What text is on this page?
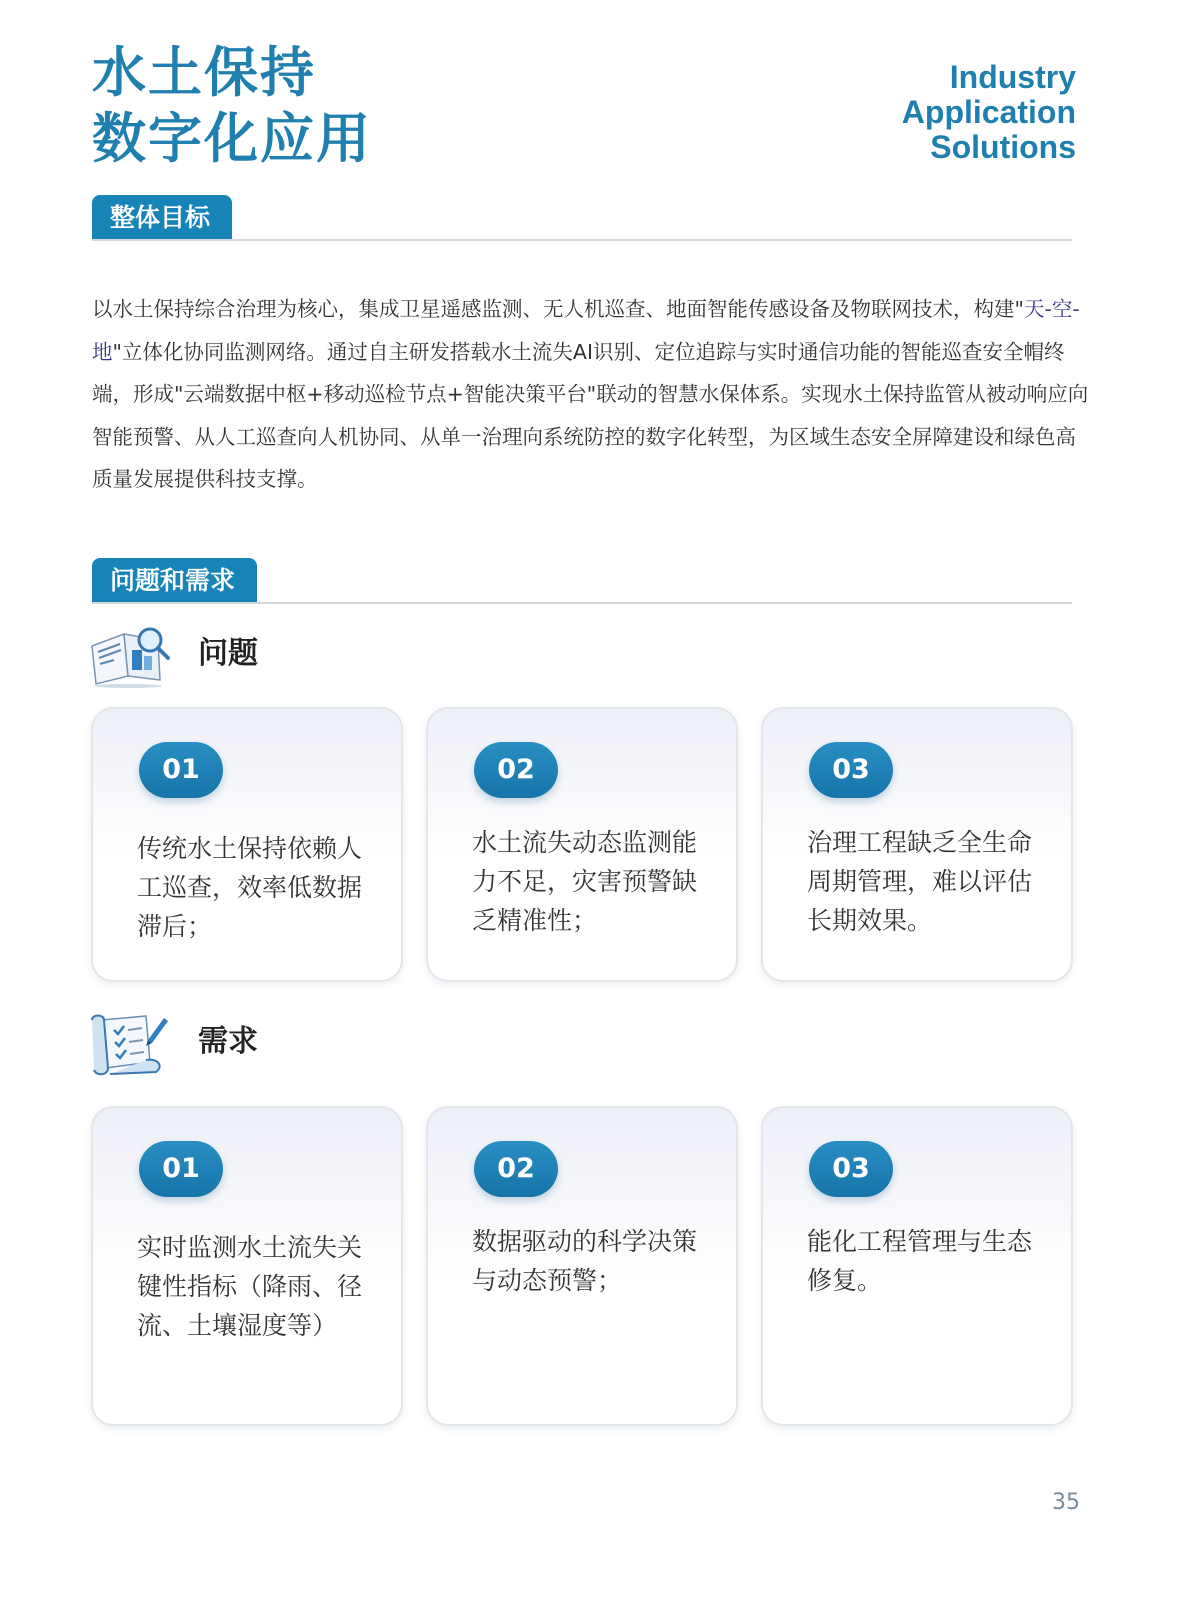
水土保持
数字化应用
Industry
Application
Solutions
整体目标

以水土保持综合治理为核心，集成卫星遥感监测、无人机巡查、地面智能传感设备及物联网技术，构建"天-空-地"立体化协同监测网络。通过自主研发搭载水土流失AI识别、定位追踪与实时通信功能的智能巡查安全帽终端，形成"云端数据中枢+移动巡检节点+智能决策平台"联动的智慧水保体系。实现水土保持监管从被动响应向智能预警、从人工巡查向人机协同、从单一治理向系统防控的数字化转型，为区域生态安全屏障建设和绿色高质量发展提供科技支撑。

问题和需求
问题
01
传统水土保持依赖人工巡查，效率低数据滞后；
02
水土流失动态监测能力不足，灾害预警缺乏精准性；
03
治理工程缺乏全生命周期管理，难以评估长期效果。
需求
01
实时监测水土流失关键性指标（降雨、径流、土壤湿度等）
02
数据驱动的科学决策与动态预警；
03
能化工程管理与生态修复。
35
